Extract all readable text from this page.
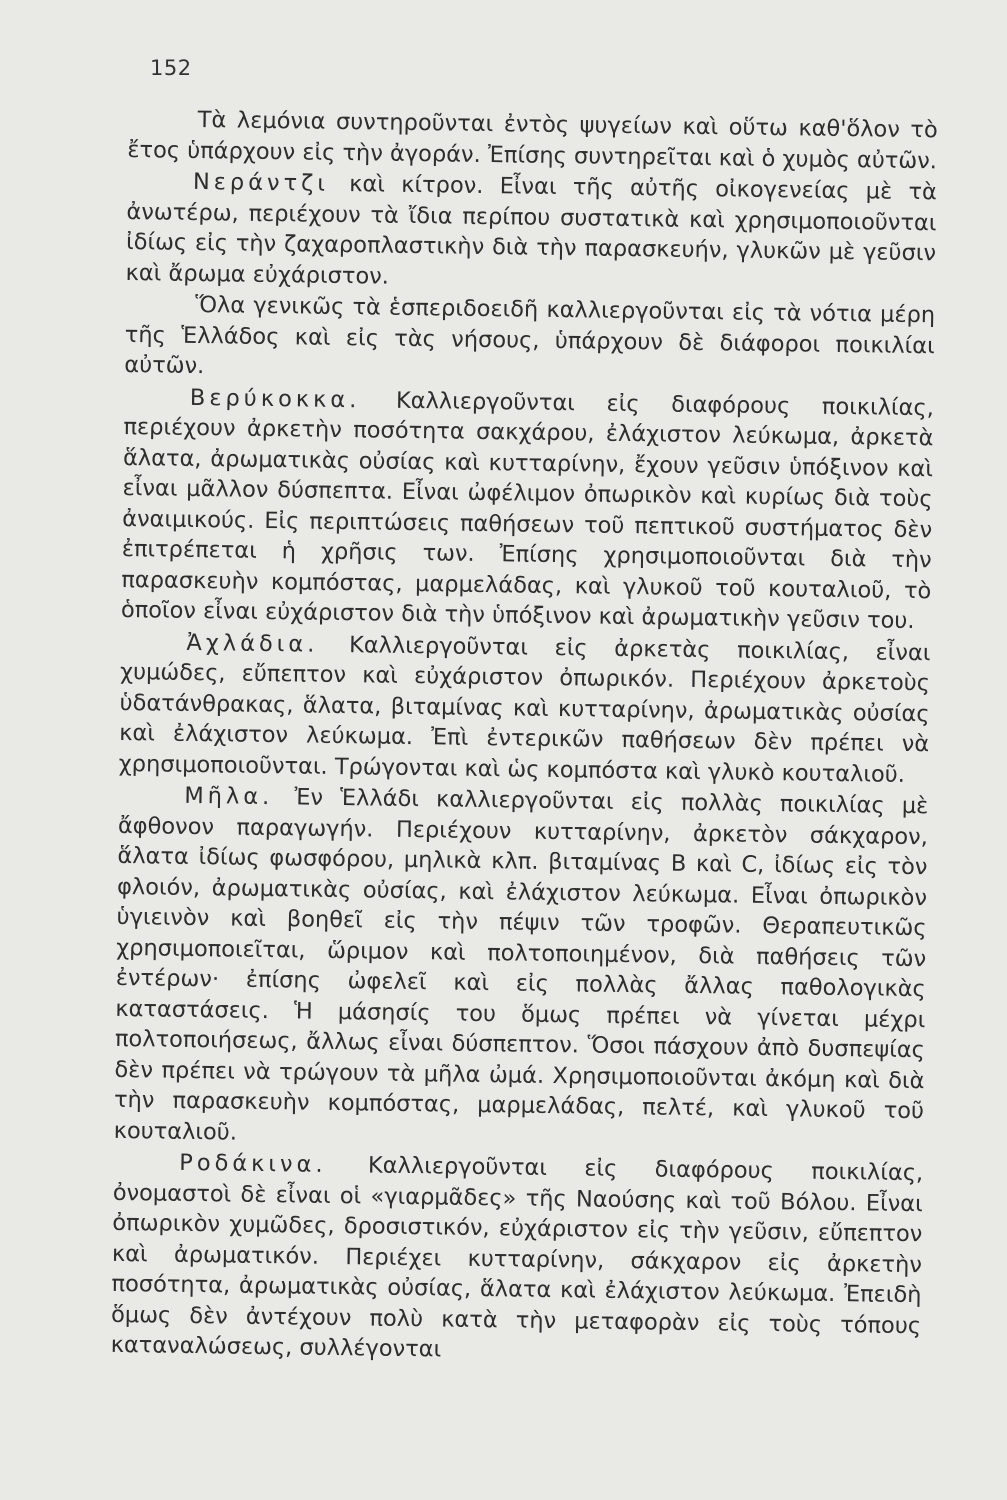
152

Τὰ λεμόνια συντηροῦνται ἐντὸς ψυγείων καὶ οὕτω καθ'ὅλον τὸ ἔτος ὑπάρχουν εἰς τὴν ἀγοράν. Ἐπίσης συντηρεῖται καὶ ὁ χυμὸς αὐτῶν.

Νεράντζι καὶ κίτρον. Εἶναι τῆς αὐτῆς οἰκογενείας μὲ τὰ ἀνωτέρω, περιέχουν τὰ ἴδια περίπου συστατικὰ καὶ χρησιμοποιοῦνται ἰδίως εἰς τὴν ζαχαροπλαστικὴν διὰ τὴν παρασκευήν, γλυκῶν μὲ γεῦσιν καὶ ἄρωμα εὐχάριστον.

Ὅλα γενικῶς τὰ ἑσπεριδοειδῆ καλλιεργοῦνται εἰς τὰ νότια μέρη τῆς Ἑλλάδος καὶ εἰς τὰς νήσους, ὑπάρχουν δὲ διάφοροι ποικιλίαι αὐτῶν.

Βερύκοκκα. Καλλιεργοῦνται εἰς διαφόρους ποικιλίας, περιέχουν ἀρκετὴν ποσότητα σακχάρου, ἐλάχιστον λεύκωμα, ἀρκετὰ ἅλατα, ἀρωματικὰς οὐσίας καὶ κυτταρίνην, ἔχουν γεῦσιν ὑπόξινον καὶ εἶναι μᾶλλον δύσπεπτα. Εἶναι ὠφέλιμον ὀπωρικὸν καὶ κυρίως διὰ τοὺς ἀναιμικούς. Εἰς περιπτώσεις παθήσεων τοῦ πεπτικοῦ συστήματος δὲν ἐπιτρέπεται ἡ χρῆσις των. Ἐπίσης χρησιμοποιοῦνται διὰ τὴν παρασκευὴν κομπόστας, μαρμελάδας, καὶ γλυκοῦ τοῦ κουταλιοῦ, τὸ ὁποῖον εἶναι εὐχάριστον διὰ τὴν ὑπόξινον καὶ ἀρωματικὴν γεῦσιν του.

Ἀχλάδια. Καλλιεργοῦνται εἰς ἀρκετὰς ποικιλίας, εἶναι χυμώδες, εὔπεπτον καὶ εὐχάριστον ὀπωρικόν. Περιέχουν ἀρκετοὺς ὑδατάνθρακας, ἅλατα, βιταμίνας καὶ κυτταρίνην, ἀρωματικὰς οὐσίας καὶ ἐλάχιστον λεύκωμα. Ἐπὶ ἐντερικῶν παθήσεων δὲν πρέπει νὰ χρησιμοποιοῦνται. Τρώγονται καὶ ὡς κομπόστα καὶ γλυκὸ κουταλιοῦ.

Μῆλα. Ἐν Ἑλλάδι καλλιεργοῦνται εἰς πολλὰς ποικιλίας μὲ ἄφθονον παραγωγήν. Περιέχουν κυτταρίνην, ἀρκετὸν σάκχαρον, ἅλατα ἰδίως φωσφόρου, μηλικὰ κλπ. βιταμίνας Β καὶ C, ἰδίως εἰς τὸν φλοιόν, ἀρωματικὰς οὐσίας, καὶ ἐλάχιστον λεύκωμα. Εἶναι ὀπωρικὸν ὑγιεινὸν καὶ βοηθεῖ εἰς τὴν πέψιν τῶν τροφῶν. Θεραπευτικῶς χρησιμοποιεῖται, ὥριμον καὶ πολτοποιημένον, διὰ παθήσεις τῶν ἐντέρων· ἐπίσης ὠφελεῖ καὶ εἰς πολλὰς ἄλλας παθολογικὰς καταστάσεις. Ἡ μάσησίς του ὅμως πρέπει νὰ γίνεται μέχρι πολτοποιήσεως, ἄλλως εἶναι δύσπεπτον. Ὅσοι πάσχουν ἀπὸ δυσπεψίας δὲν πρέπει νὰ τρώγουν τὰ μῆλα ὠμά. Χρησιμοποιοῦνται ἀκόμη καὶ διὰ τὴν παρασκευὴν κομπόστας, μαρμελάδας, πελτέ, καὶ γλυκοῦ τοῦ κουταλιοῦ.

Ροδάκινα. Καλλιεργοῦνται εἰς διαφόρους ποικιλίας, ὀνομαστοὶ δὲ εἶναι οἱ «γιαρμᾶδες» τῆς Ναούσης καὶ τοῦ Βόλου. Εἶναι ὀπωρικὸν χυμῶδες, δροσιστικόν, εὐχάριστον εἰς τὴν γεῦσιν, εὔπεπτον καὶ ἀρωματικόν. Περιέχει κυτταρίνην, σάκχαρον εἰς ἀρκετὴν ποσότητα, ἀρωματικὰς οὐσίας, ἅλατα καὶ ἐλάχιστον λεύκωμα. Ἐπειδὴ ὅμως δὲν ἀντέχουν πολὺ κατὰ τὴν μεταφορὰν εἰς τοὺς τόπους καταναλώσεως, συλλέγονται
